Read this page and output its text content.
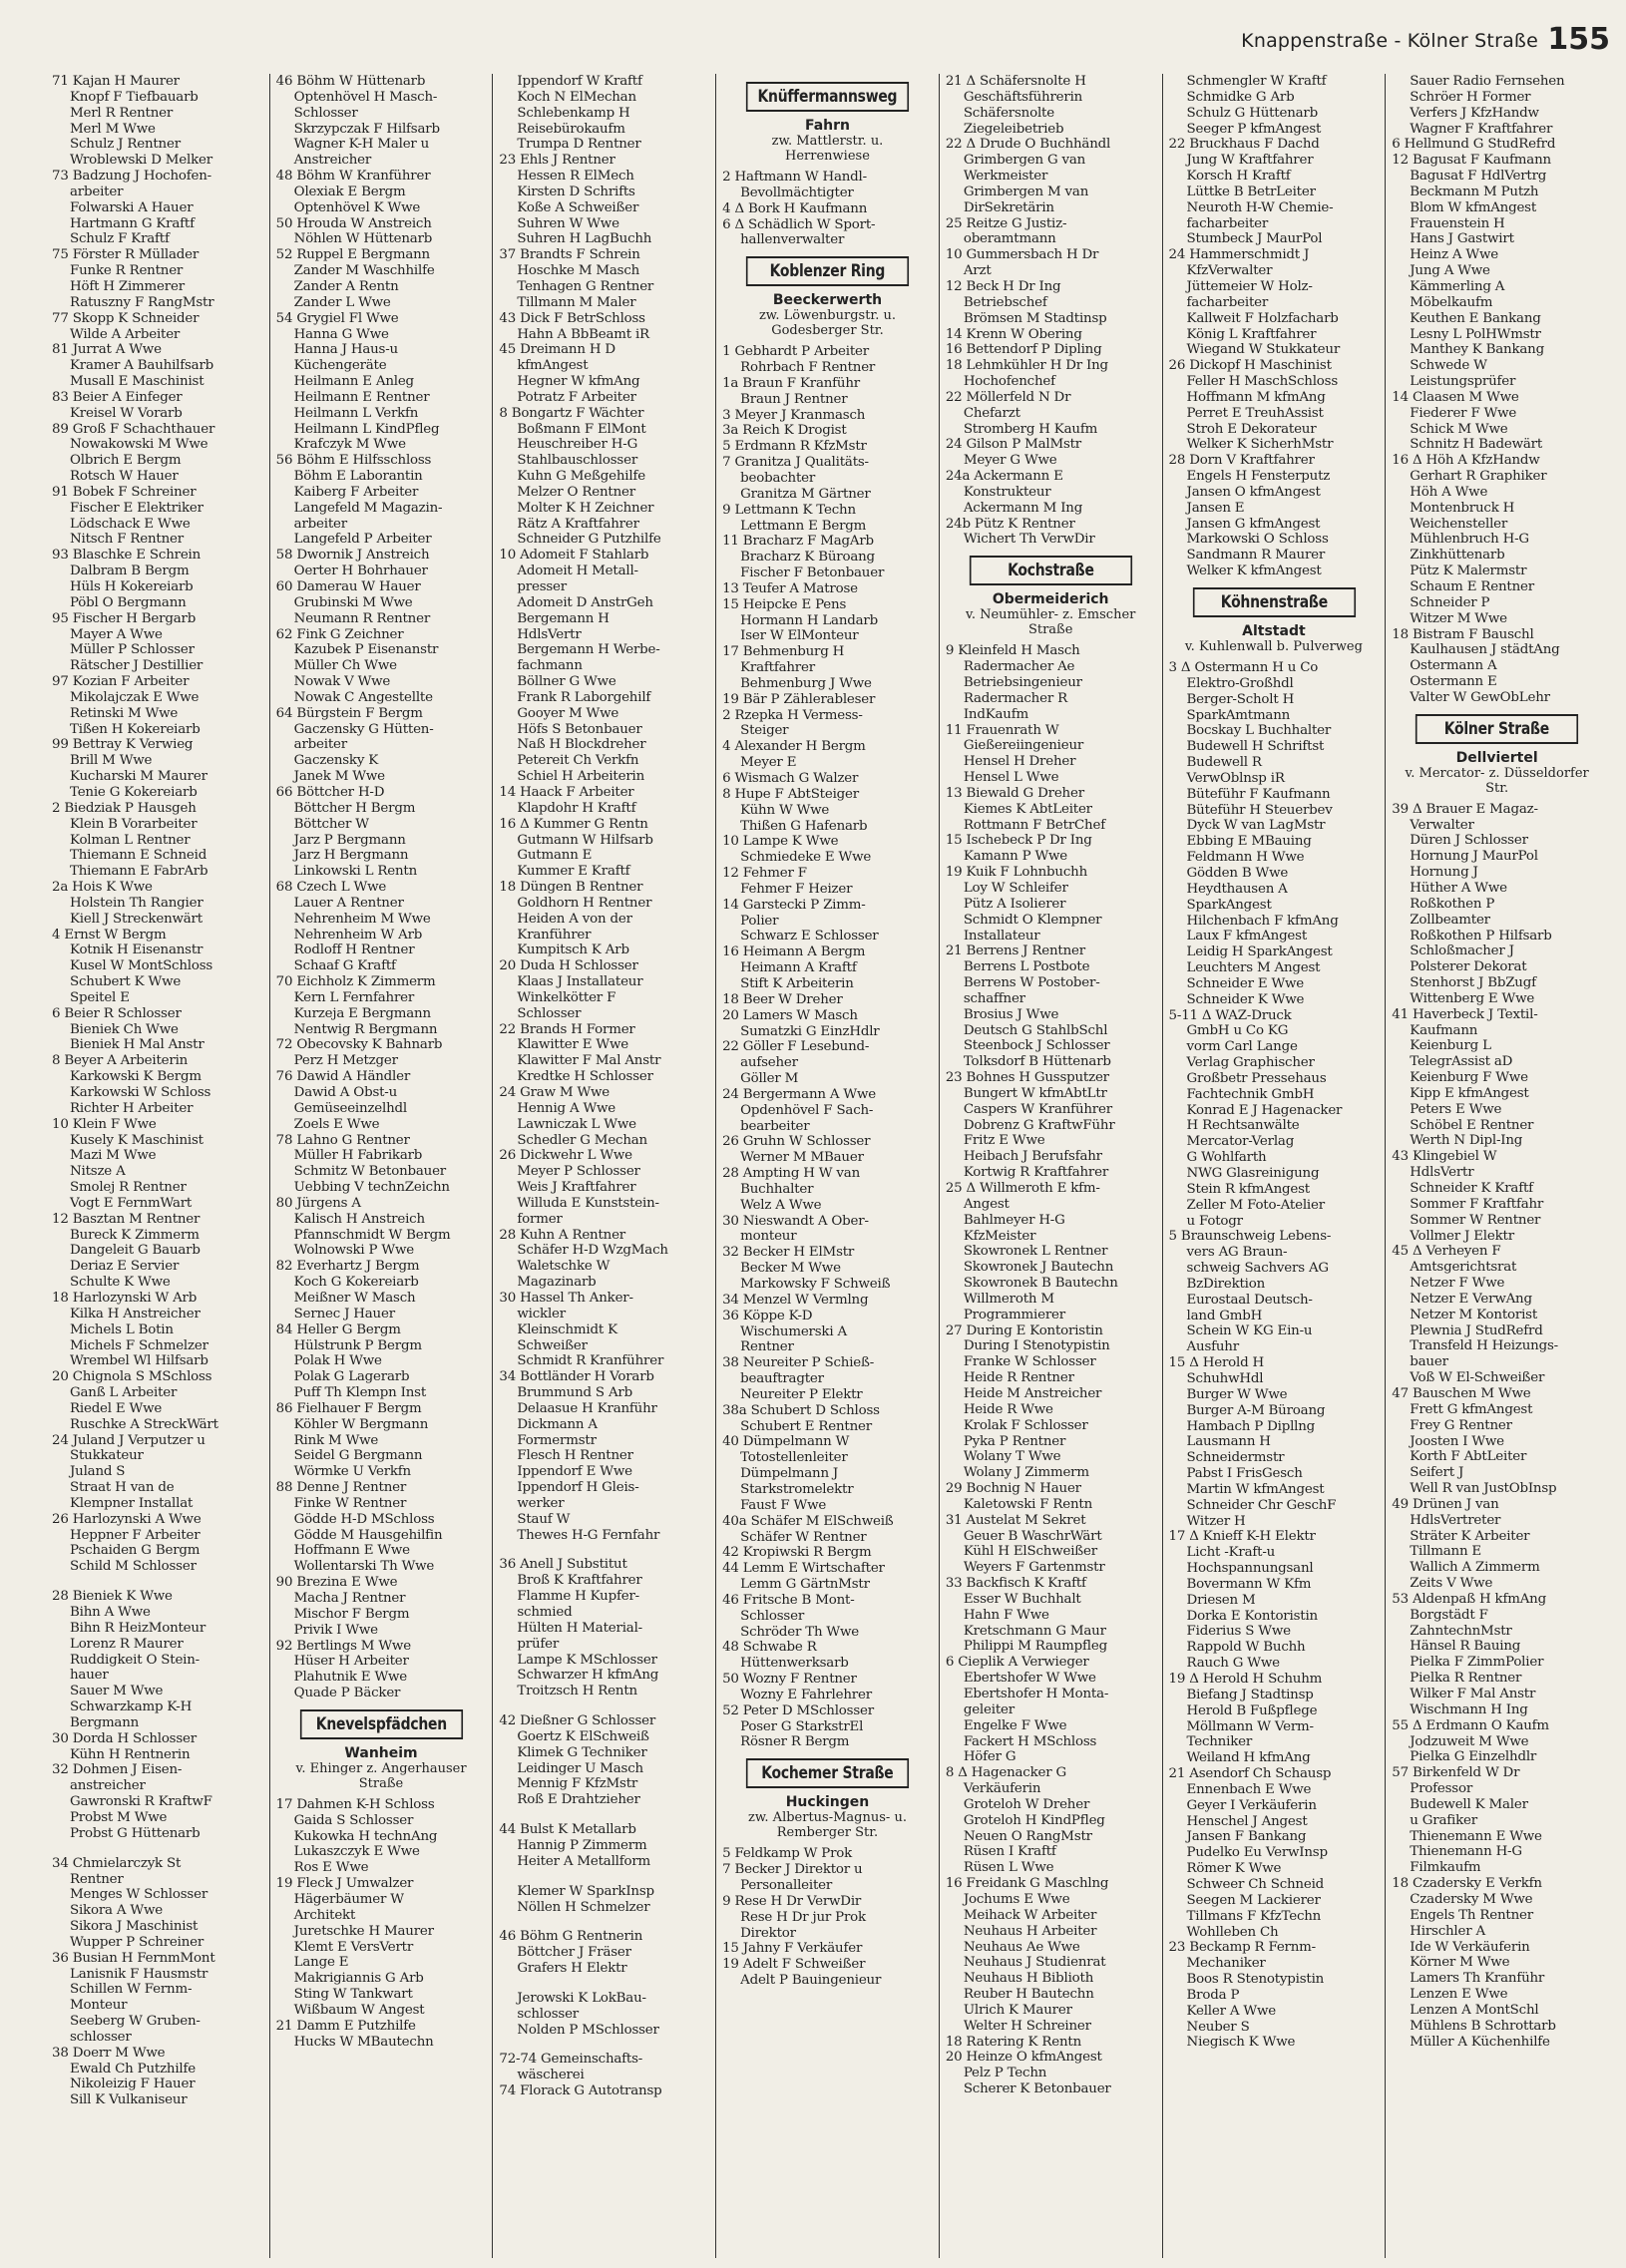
Knappenstraße - Kölner Straße 155
71 Kajan H Maurer
Knopf F Tiefbauarb
Merl R Rentner
Merl M Wwe
Schulz J Rentner
Wroblewski D Melker
73 Badzung J Hochofen-
arbeiter
Folwarski A Hauer
Hartmann G Kraftf
Schulz F Kraftf
75 Förster R Müllader
Funke R Rentner
Höft H Zimmerer
Ratuszny F RangMstr
77 Skopp K Schneider
Wilde A Arbeiter
81 Jurrat A Wwe
Kramer A Bauhilfsarb
Musall E Maschinist
83 Beier A Einfeger
Kreisel W Vorarb
89 Groß F Schachthauer
Nowakowski M Wwe
Olbrich E Bergm
Rotsch W Hauer
91 Bobek F Schreiner
Fischer E Elektriker
Lödschack E Wwe
Nitsch F Rentner
93 Blaschke E Schrein
Dalbram B Bergm
Hüls H Kokereiarb
Pöbl O Bergmann
95 Fischer H Bergarb
Mayer A Wwe
Müller P Schlosser
Rätscher J Destillier
97 Kozian F Arbeiter
Mikolajczak E Wwe
Retinski M Wwe
Tißen H Kokereiarb
99 Bettray K Verwieg
Brill M Wwe
Kucharski M Maurer
Tenie G Kokereiarb
2 Biedziak P Hausgeh
Klein B Vorarbeiter
Kolman L Rentner
Thiemann E Schneid
Thiemann E FabrArb
2a Hois K Wwe
Holstein Th Rangier
Kiell J Streckenwärt
4 Ernst W Bergm
Kotnik H Eisenanstr
Kusel W MontSchloss
Schubert K Wwe
Speitel E
6 Beier R Schlosser
Bieniek Ch Wwe
Bieniek H Mal Anstr
8 Beyer A Arbeiterin
Karkowski K Bergm
Karkowski W Schloss
Richter H Arbeiter
10 Klein F Wwe
Kusely K Maschinist
Mazi M Wwe
Nitsze A
Smolej R Rentner
Vogt E FernmWart
12 Basztan M Rentner
Bureck K Zimmerm
Dangeleit G Bauarb
Deriaz E Servier
Schulte K Wwe
18 Harlozynski W Arb
Kilka H Anstreicher
Michels L Botin
Michels F Schmelzer
Wrembel Wl Hilfsarb
20 Chignola S MSchloss
Ganß L Arbeiter
Riedel E Wwe
Ruschke A StreckWärt
24 Juland J Verputzer u
Stukkateur
Juland S
Straat H van de
Klempner Installat
26 Harlozynski A Wwe
Heppner F Arbeiter
Pschaiden G Bergm
Schild M Schlosser
28 Bieniek K Wwe
Bihn A Wwe
Bihn R HeizMonteur
Lorenz R Maurer
Ruddigkeit O Stein-
hauer
Sauer M Wwe
Schwarzkamp K-H
Bergmann
30 Dorda H Schlosser
Kühn H Rentnerin
32 Dohmen J Eisen-
anstreicher
Gawronski R KraftwF
Probst M Wwe
Probst G Hüttenarb
34 Chmielarczyk St
Rentner
Menges W Schlosser
Sikora A Wwe
Sikora J Maschinist
Wupper P Schreiner
36 Busian H FernmMont
Lanisnik F Hausmstr
Schillen W Fernm-
Monteur
Seeberg W Gruben-
schlosser
38 Doerr M Wwe
Ewald Ch Putzhilfe
Nikoleizig F Hauer
Sill K Vulkaniseur
46 Böhm W Hüttenarb
Optenhövel H Masch-
Schlosser
Skrzypczak F Hilfsarb
Wagner K-H Maler u
Anstreicher
48 Böhm W Kranführer
Olexiak E Bergm
Optenhövel K Wwe
50 Hrouda W Anstreich
Nöhlen W Hüttenarb
52 Ruppel E Bergmann
Zander M Waschhilfe
Zander A Rentn
Zander L Wwe
54 Grygiel Fl Wwe
Hanna G Wwe
Hanna J Haus-u
Küchengeräte
Heilmann E Anleg
Heilmann E Rentner
Heilmann L Verkfn
Heilmann L KindPfleg
Krafczyk M Wwe
56 Böhm E Hilfsschloss
Böhm E Laborantin
Kaiberg F Arbeiter
Langefeld M Magazin-
arbeiter
Langefeld P Arbeiter
58 Dwornik J Anstreich
Oerter H Bohrhauer
60 Damerau W Hauer
Grubinski M Wwe
Neumann R Rentner
62 Fink G Zeichner
Kazubek P Eisenanstr
Müller Ch Wwe
Nowak V Wwe
Nowak C Angestellte
64 Bürgstein F Bergm
Gaczensky G Hütten-
arbeiter
Gaczensky K
Janek M Wwe
66 Böttcher H-D
Böttcher H Bergm
Böttcher W
Jarz P Bergmann
Jarz H Bergmann
Linkowski L Rentn
68 Czech L Wwe
Lauer A Rentner
Nehrenheim M Wwe
Nehrenheim W Arb
Rodloff H Rentner
Schaaf G Kraftf
70 Eichholz K Zimmerm
Kern L Fernfahrer
Kurzeja E Bergmann
Nentwig R Bergmann
72 Obecovsky K Bahnarb
Perz H Metzger
76 Dawid A Händler
Dawid A Obst-u
Gemüseeinzelhdl
Zoels E Wwe
78 Lahno G Rentner
Müller H Fabrikarb
Schmitz W Betonbauer
Uebbing V technZeichn
80 Jürgens A
Kalisch H Anstreich
Pfannschmidt W Bergm
Wolnowski P Wwe
82 Everhartz J Bergm
Koch G Kokereiarb
Meißner W Masch
Sernec J Hauer
84 Heller G Bergm
Hülstrunk P Bergm
Polak H Wwe
Polak G Lagerarb
Puff Th Klempn Inst
86 Fielhauer F Bergm
Köhler W Bergmann
Rink M Wwe
Seidel G Bergmann
Wörmke U Verkfn
88 Denne J Rentner
Finke W Rentner
Gödde H-D MSchloss
Gödde M Hausgehilfin
Hoffmann E Wwe
Wollentarski Th Wwe
90 Brezina E Wwe
Macha J Rentner
Mischor F Bergm
Privik I Wwe
92 Bertlings M Wwe
Hüser H Arbeiter
Plahutnik E Wwe
Quade P Bäcker
Knevelspfädchen
Wanheim
v. Ehinger z. Angerhauser Straße
17 Dahmen K-H Schloss
Gaida S Schlosser
Kukowka H technAng
Lukaszczyk E Wwe
Ros E Wwe
19 Fleck J Umwalzer
Hägerbäumer W
Architekt
Juretschke H Maurer
Klemt E VersVertr
Lange E
Makrigiannis G Arb
Sting W Tankwart
Wißbaum W Angest
21 Damm E Putzhilfe
Hucks W MBautechn
Ippendorf W Kraftf
Koch N ElMechan
Schlebenkamp H
Reisebürokaufm
Trumpa D Rentner
23 Ehls J Rentner
Hessen R ElMech
Kirsten D Schrifts
Koße A Schweißer
Suhren W Wwe
Suhren H LagBuchh
37 Brandts F Schrein
Hoschke M Masch
Tenhagen G Rentner
Tillmann M Maler
43 Dick F BetrSchloss
Hahn A BbBeamt iR
45 Dreimann H D
kfmAngest
Hegner W kfmAng
Potratz F Arbeiter
8 Bongartz F Wächter
Boßmann F ElMont
Heuschreiber H-G
Stahlbauschlosser
Kuhn G Meßgehilfe
Melzer O Rentner
Molter K H Zeichner
Rätz A Kraftfahrer
Schneider G Putzhilfe
10 Adomeit F Stahlarb
Adomeit H Metall-
presser
Adomeit D AnstrGeh
Bergemann H
HdlsVertr
Bergemann H Werbe-
fachmann
Böllner G Wwe
Frank R Laborgehilf
Gooyer M Wwe
Höfs S Betonbauer
Naß H Blockdreher
Petereit Ch Verkfn
Schiel H Arbeiterin
14 Haack F Arbeiter
Klapdohr H Kraftf
16 Δ Kummer G Rentn
Gutmann W Hilfsarb
Gutmann E
Kummer E Kraftf
18 Düngen B Rentner
Goldhorn H Rentner
Heiden A von der
Kranführer
Kumpitsch K Arb
20 Duda H Schlosser
Klaas J Installateur
Winkelkötter F
Schlosser
22 Brands H Former
Klawitter E Wwe
Klawitter F Mal Anstr
Kredtke H Schlosser
24 Graw M Wwe
Hennig A Wwe
Lawniczak L Wwe
Schedler G Mechan
26 Dickwehr L Wwe
Meyer P Schlosser
Weis J Kraftfahrer
Willuda E Kunststein-
former
28 Kuhn A Rentner
Schäfer H-D WzgMach
Waletschke W
Magazinarb
30 Hassel Th Anker-
wickler
Kleinschmidt K
Schweißer
Schmidt R Kranführer
34 Bottländer H Vorarb
Brummund S Arb
Delaasue H Kranführ
Dickmann A
Formermstr
Flesch H Rentner
Ippendorf E Wwe
Ippendorf H Gleis-
werker
Stauf W
Thewes H-G Fernfahr
36 Anell J Substitut
Broß K Kraftfahrer
Flamme H Kupfer-
schmied
Hülten H Material-
prüfer
Lampe K MSchlosser
Schwarzer H kfmAng
Troitzsch H Rentn
42 Dießner G Schlosser
Goertz K ElSchweiß
Klimek G Techniker
Leidinger U Masch
Mennig F KfzMstr
Roß E Drahtzieher
44 Bulst K Metallarb
Hannig P Zimmerm
Heiter A Metallform
Klemer W SparkInsp
Nöllen H Schmelzer
46 Böhm G Rentnerin
Böttcher J Fräser
Grafers H Elektr
Jerowski K LokBau-
schlosser
Nolden P MSchlosser
72-74 Gemeinschafts-
wäscherei
74 Florack G Autotransp
Knüffermannsweg
Fahrn
zw. Mattlerstr. u. Herrenwiese
2 Haftmann W Handl-
Bevollmächtigter
4 Δ Bork H Kaufmann
6 Δ Schädlich W Sport-
hallenverwalter
Koblenzer Ring
Beeckerwerth
zw. Löwenburgstr. u. Godesberger Str.
1 Gebhardt P Arbeiter
Rohrbach F Rentner
1a Braun F Kranführ
Braun J Rentner
3 Meyer J Kranmasch
3a Reich K Drogist
5 Erdmann R KfzMstr
7 Granitza J Qualitäts-
beobachter
Granitza M Gärtner
9 Lettmann K Techn
Lettmann E Bergm
11 Bracharz F MagArb
Bracharz K Büroang
Fischer F Betonbauer
13 Teufer A Matrose
15 Heipcke E Pens
Hormann H Landarb
Iser W ElMonteur
17 Behmenburg H
Kraftfahrer
Behmenburg J Wwe
19 Bär P Zählerableser
2 Rzepka H Vermess-
Steiger
4 Alexander H Bergm
Meyer E
6 Wismach G Walzer
8 Hupe F AbtSteiger
Kühn W Wwe
Thißen G Hafenarb
10 Lampe K Wwe
Schmiedeke E Wwe
12 Fehmer F
Fehmer F Heizer
14 Garstecki P Zimm-
Polier
Schwarz E Schlosser
16 Heimann A Bergm
Heimann A Kraftf
Stift K Arbeiterin
18 Beer W Dreher
20 Lamers W Masch
Sumatzki G EinzHdlr
22 Göller F Lesebund-
aufseher
Göller M
24 Bergermann A Wwe
Opdenhövel F Sach-
bearbeiter
26 Gruhn W Schlosser
Werner M MBauer
28 Ampting H W van
Buchhalter
Welz A Wwe
30 Nieswandt A Ober-
monteur
32 Becker H ElMstr
Becker M Wwe
Markowsky F Schweiß
34 Menzel W Vermlng
36 Köppe K-D
Wischumerski A
Rentner
38 Neureiter P Schieß-
beauftragter
Neureiter P Elektr
38a Schubert D Schloss
Schubert E Rentner
40 Dümpelmann W
Totostellenleiter
Dümpelmann J
Starkstromelektr
Faust F Wwe
40a Schäfer M ElSchweiß
Schäfer W Rentner
42 Kropiwski R Bergm
44 Lemm E Wirtschafter
Lemm G GärtnMstr
46 Fritsche B Mont-
Schlosser
Schröder Th Wwe
48 Schwabe R
Hüttenwerksarb
50 Wozny F Rentner
Wozny E Fahrlehrer
52 Peter D MSchlosser
Poser G StarkstrEl
Rösner R Bergm
Kochemer Straße
Huckingen
zw. Albertus-Magnus- u. Remberger Str.
5 Feldkamp W Prok
7 Becker J Direktor u
Personalleiter
9 Rese H Dr VerwDir
Rese H Dr jur Prok
Direktor
15 Jahny F Verkäufer
19 Adelt F Schweißer
Adelt P Bauingenieur
21 Δ Schäfersnolte H
Geschäftsführerin
Schäfersnolte
Ziegeleibetrieb
22 Δ Drude O Buchhändl
Grimbergen G van
Werkmeister
Grimbergen M van
DirSekretärin
25 Reitze G Justiz-
oberamtmann
10 Gummersbach H Dr
Arzt
12 Beck H Dr Ing
Betriebschef
Brömsen M Stadtinsp
14 Krenn W Obering
16 Bettendorf P Dipling
18 Lehmkühler H Dr Ing
Hochofenchef
22 Möllerfeld N Dr
Chefarzt
Stromberg H Kaufm
24 Gilson P MalMstr
Meyer G Wwe
24a Ackermann E
Konstrukteur
Ackermann M Ing
24b Pütz K Rentner
Wichert Th VerwDir
Kochstraße
Obermeiderich
v. Neumühler- z. Emscher Straße
9 Kleinfeld H Masch
Radermacher Ae
Betriebsingenieur
Radermacher R
IndKaufm
11 Frauenrath W
Gießereiingenieur
Hensel H Dreher
Hensel L Wwe
13 Biewald G Dreher
Kiemes K AbtLeiter
Rottmann F BetrChef
15 Ischebeck P Dr Ing
Kamann P Wwe
19 Kuik F Lohnbuchh
Loy W Schleifer
Pütz A Isolierer
Schmidt O Klempner
Installateur
21 Berrens J Rentner
Berrens L Postbote
Berrens W Postober-
schaffner
Brosius J Wwe
Deutsch G StahlbSchl
Steenbock J Schlosser
Tolksdorf B Hüttenarb
23 Bohnes H Gussputzer
Bungert W kfmAbtLtr
Caspers W Kranführer
Dobrenz G KraftwFühr
Fritz E Wwe
Heibach J Berufsfahr
Kortwig R Kraftfahrer
25 Δ Willmeroth E kfm-
Angest
Bahlmeyer H-G
KfzMeister
Skowronek L Rentner
Skowronek J Bautechn
Skowronek B Bautechn
Willmeroth M
Programmierer
27 During E Kontoristin
During I Stenotypistin
Franke W Schlosser
Heide R Rentner
Heide M Anstreicher
Heide R Wwe
Krolak F Schlosser
Pyka P Rentner
Wolany T Wwe
Wolany J Zimmerm
29 Bochnig N Hauer
Kaletowski F Rentn
31 Austelat M Sekret
Geuer B WaschrWärt
Kühl H ElSchweißer
Weyers F Gartenmstr
33 Backfisch K Kraftf
Esser W Buchhalt
Hahn F Wwe
Kretschmann G Maur
Philippi M Raumpfleg
6 Cieplik A Verwieger
Ebertshofer W Wwe
Ebertshofer H Monta-
geleiter
Engelke F Wwe
Fackert H MSchloss
Höfer G
8 Δ Hagenacker G
Verkäuferin
Groteloh W Dreher
Groteloh H KindPfleg
Neuen O RangMstr
Rüsen I Kraftf
Rüsen L Wwe
16 Freidank G Maschlng
Jochums E Wwe
Meihack W Arbeiter
Neuhaus H Arbeiter
Neuhaus Ae Wwe
Neuhaus J Studienrat
Neuhaus H Biblioth
Reuber H Bautechn
Ulrich K Maurer
Welter H Schreiner
18 Ratering K Rentn
20 Heinze O kfmAngest
Pelz P Techn
Scherer K Betonbauer
Schmengler W Kraftf
Schmidke G Arb
Schulz G Hüttenarb
Seeger P kfmAngest
22 Bruckhaus F Dachd
Jung W Kraftfahrer
Korsch H Kraftf
Lüttke B BetrLeiter
Neuroth H-W Chemie-
facharbeiter
Stumbeck J MaurPol
24 Hammerschmidt J
KfzVerwalter
Jüttemeier W Holz-
facharbeiter
Kallweit F Holzfacharb
König L Kraftfahrer
Wiegand W Stukkateur
26 Dickopf H Maschinist
Feller H MaschSchloss
Hoffmann M kfmAng
Perret E TreuhAssist
Stroh E Dekorateur
Welker K SicherhMstr
28 Dorn V Kraftfahrer
Engels H Fensterputz
Jansen O kfmAngest
Jansen E
Jansen G kfmAngest
Markowski O Schloss
Sandmann R Maurer
Welker K kfmAngest
Köhnenstraße
Altstadt
v. Kuhlenwall b. Pulverweg
3 Δ Ostermann H u Co
Elektro-Großhdl
Berger-Scholt H
SparkAmtmann
Bocskay L Buchhalter
Budewell H Schriftst
Budewell R
VerwOblnsp iR
Büteführ F Kaufmann
Büteführ H Steuerbev
Dyck W van LagMstr
Ebbing E MBauing
Feldmann H Wwe
Gödden B Wwe
Heydthausen A
SparkAngest
Hilchenbach F kfmAng
Laux F kfmAngest
Leidig H SparkAngest
Leuchters M Angest
Schneider E Wwe
Schneider K Wwe
5-11 Δ WAZ-Druck
GmbH u Co KG
vorm Carl Lange
Verlag Graphischer
Großbetr Pressehaus
Fachtechnik GmbH
Konrad E J Hagenacker
H Rechtsanwälte
Mercator-Verlag
G Wohlfarth
NWG Glasreinigung
Stein R kfmAngest
Zeller M Foto-Atelier
u Fotogr
5 Braunschweig Lebens-
vers AG Braun-
schweig Sachvers AG
BzDirektion
Eurostaal Deutsch-
land GmbH
Schein W KG Ein-u
Ausfuhr
15 Δ Herold H
SchuhwHdl
Burger W Wwe
Burger A-M Büroang
Hambach P Dipllng
Lausmann H
Schneidermstr
Pabst I FrisGesch
Martin W kfmAngest
Schneider Chr GeschF
Witzer H
17 Δ Knieff K-H Elektr
Licht -Kraft-u
Hochspannungsanl
Bovermann W Kfm
Driesen M
Dorka E Kontoristin
Fiderius S Wwe
Rappold W Buchh
Rauch G Wwe
19 Δ Herold H Schuhm
Biefang J Stadtinsp
Herold B Fußpflege
Möllmann W Verm-
Techniker
Weiland H kfmAng
21 Asendorf Ch Schausp
Ennenbach E Wwe
Geyer I Verkäuferin
Henschel J Angest
Jansen F Bankang
Pudelko Eu VerwInsp
Römer K Wwe
Schweer Ch Schneid
Seegen M Lackierer
Tillmans F KfzTechn
Wohlleben Ch
23 Beckamp R Fernm-
Mechaniker
Boos R Stenotypistin
Broda P
Keller A Wwe
Neuber S
Niegisch K Wwe
Sauer Radio Fernsehen
Schröer H Former
Verfers J KfzHandw
Wagner F Kraftfahrer
6 Hellmund G StudRefrd
12 Bagusat F Kaufmann
Bagusat F HdlVertrg
Beckmann M Putzh
Blom W kfmAngest
Frauenstein H
Hans J Gastwirt
Heinz A Wwe
Jung A Wwe
Kämmerling A
Möbelkaufm
Keuthen E Bankang
Lesny L PolHWmstr
Manthey K Bankang
Schwede W
Leistungsprüfer
14 Claasen M Wwe
Fiederer F Wwe
Schick M Wwe
Schnitz H Badewärt
16 Δ Höh A KfzHandw
Gerhart R Graphiker
Höh A Wwe
Montenbruck H
Weichensteller
Mühlenbruch H-G
Zinkhüttenarb
Pütz K Malermstr
Schaum E Rentner
Schneider P
Witzer M Wwe
18 Bistram F Bauschl
Kaulhausen J städtAng
Ostermann A
Ostermann E
Valter W GewObLehr
Kölner Straße
Dellviertel
v. Mercator- z. Düsseldorfer Str.
39 Δ Brauer E Magaz-
Verwalter
Düren J Schlosser
Hornung J MaurPol
Hornung J
Hüther A Wwe
Roßkothen P
Zollbeamter
Roßkothen P Hilfsarb
Schloßmacher J
Polsterer Dekorat
Stenhorst J BbZugf
Wittenberg E Wwe
41 Haverbeck J Textil-
Kaufmann
Keienburg L
TelegrAssist aD
Keienburg F Wwe
Kipp E kfmAngest
Peters E Wwe
Schöbel E Rentner
Werth N Dipl-Ing
43 Klingebiel W
HdlsVertr
Schneider K Kraftf
Sommer F Kraftfahr
Sommer W Rentner
Vollmer J Elektr
45 Δ Verheyen F
Amtsgerichtsrat
Netzer F Wwe
Netzer E VerwAng
Netzer M Kontorist
Plewnia J StudRefrd
Transfeld H Heizungs-
bauer
Voß W El-Schweißer
47 Bauschen M Wwe
Frett G kfmAngest
Frey G Rentner
Joosten I Wwe
Korth F AbtLeiter
Seifert J
Well R van JustObInsp
49 Drünen J van
HdlsVertreter
Sträter K Arbeiter
Tillmann E
Wallich A Zimmerm
Zeits V Wwe
53 Aldenpaß H kfmAng
Borgstädt F
ZahntechnMstr
Hänsel R Bauing
Pielka F ZimmPolier
Pielka R Rentner
Wilker F Mal Anstr
Wischmann H Ing
55 Δ Erdmann O Kaufm
Jodzuweit M Wwe
Pielka G Einzelhdlr
57 Birkenfeld W Dr
Professor
Budewell K Maler
u Grafiker
Thienemann E Wwe
Thienemann H-G
Filmkaufm
18 Czadersky E Verkfn
Czadersky M Wwe
Engels Th Rentner
Hirschler A
Ide W Verkäuferin
Körner M Wwe
Lamers Th Kranführ
Lenzen E Wwe
Lenzen A MontSchl
Mühlens B Schrottarb
Müller A Küchenhilfe
